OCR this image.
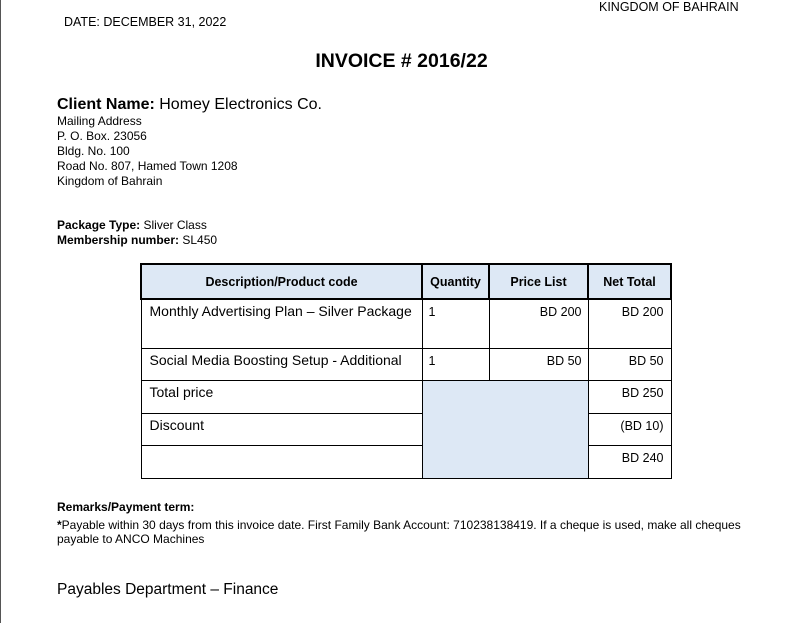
KINGDOM OF BAHRAIN
DATE: DECEMBER 31, 2022
INVOICE # 2016/22
Client Name: Homey Electronics Co.
Mailing Address
P. O. Box. 23056
Bldg. No. 100
Road No. 807, Hamed Town 1208
Kingdom of Bahrain
Package Type: Sliver Class
Membership number: SL450
Description/Product code	Quantity	Price List	Net Total
Monthly Advertising Plan – Silver Package	1	BD 200	BD 200
Social Media Boosting Setup - Additional	1	BD 50	BD 50
Total price			BD 250
Discount			(BD 10)
			BD 240
Remarks/Payment term:
*Payable within 30 days from this invoice date. First Family Bank Account: 710238138419. If a cheque is used, make all cheques payable to ANCO Machines
Payables Department – Finance
